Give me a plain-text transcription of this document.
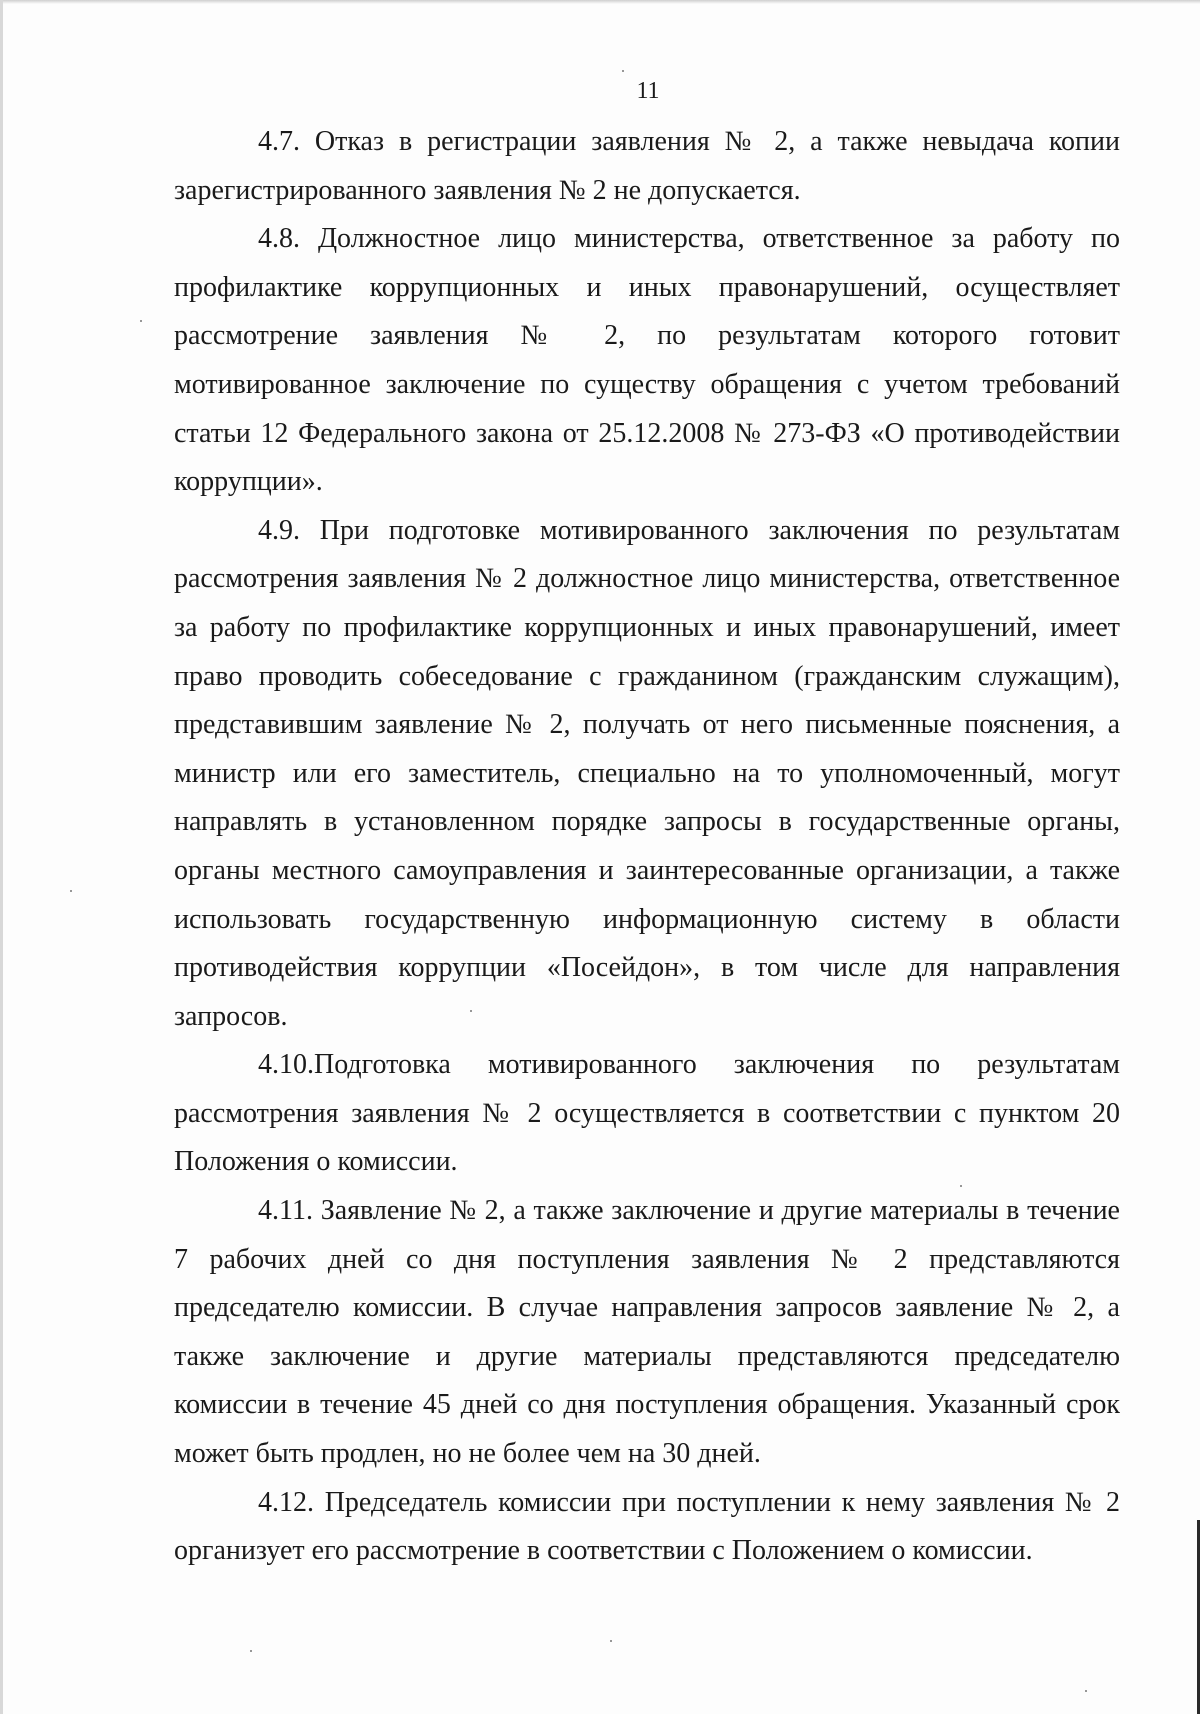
11

4.7. Отказ в регистрации заявления № 2, а также невыдача копии зарегистрированного заявления № 2 не допускается.

4.8. Должностное лицо министерства, ответственное за работу по профилактике коррупционных и иных правонарушений, осуществляет рассмотрение заявления № 2, по результатам которого готовит мотивированное заключение по существу обращения с учетом требований статьи 12 Федерального закона от 25.12.2008 № 273-ФЗ «О противодействии коррупции».

4.9. При подготовке мотивированного заключения по результатам рассмотрения заявления № 2 должностное лицо министерства, ответственное за работу по профилактике коррупционных и иных правонарушений, имеет право проводить собеседование с гражданином (гражданским служащим), представившим заявление № 2, получать от него письменные пояснения, а министр или его заместитель, специально на то уполномоченный, могут направлять в установленном порядке запросы в государственные органы, органы местного самоуправления и заинтересованные организации, а также использовать государственную информационную систему в области противодействия коррупции «Посейдон», в том числе для направления запросов.

4.10.Подготовка мотивированного заключения по результатам рассмотрения заявления № 2 осуществляется в соответствии с пунктом 20 Положения о комиссии.

4.11. Заявление № 2, а также заключение и другие материалы в течение 7 рабочих дней со дня поступления заявления № 2 представляются председателю комиссии. В случае направления запросов заявление № 2, а также заключение и другие материалы представляются председателю комиссии в течение 45 дней со дня поступления обращения. Указанный срок может быть продлен, но не более чем на 30 дней.

4.12. Председатель комиссии при поступлении к нему заявления № 2 организует его рассмотрение в соответствии с Положением о комиссии.
